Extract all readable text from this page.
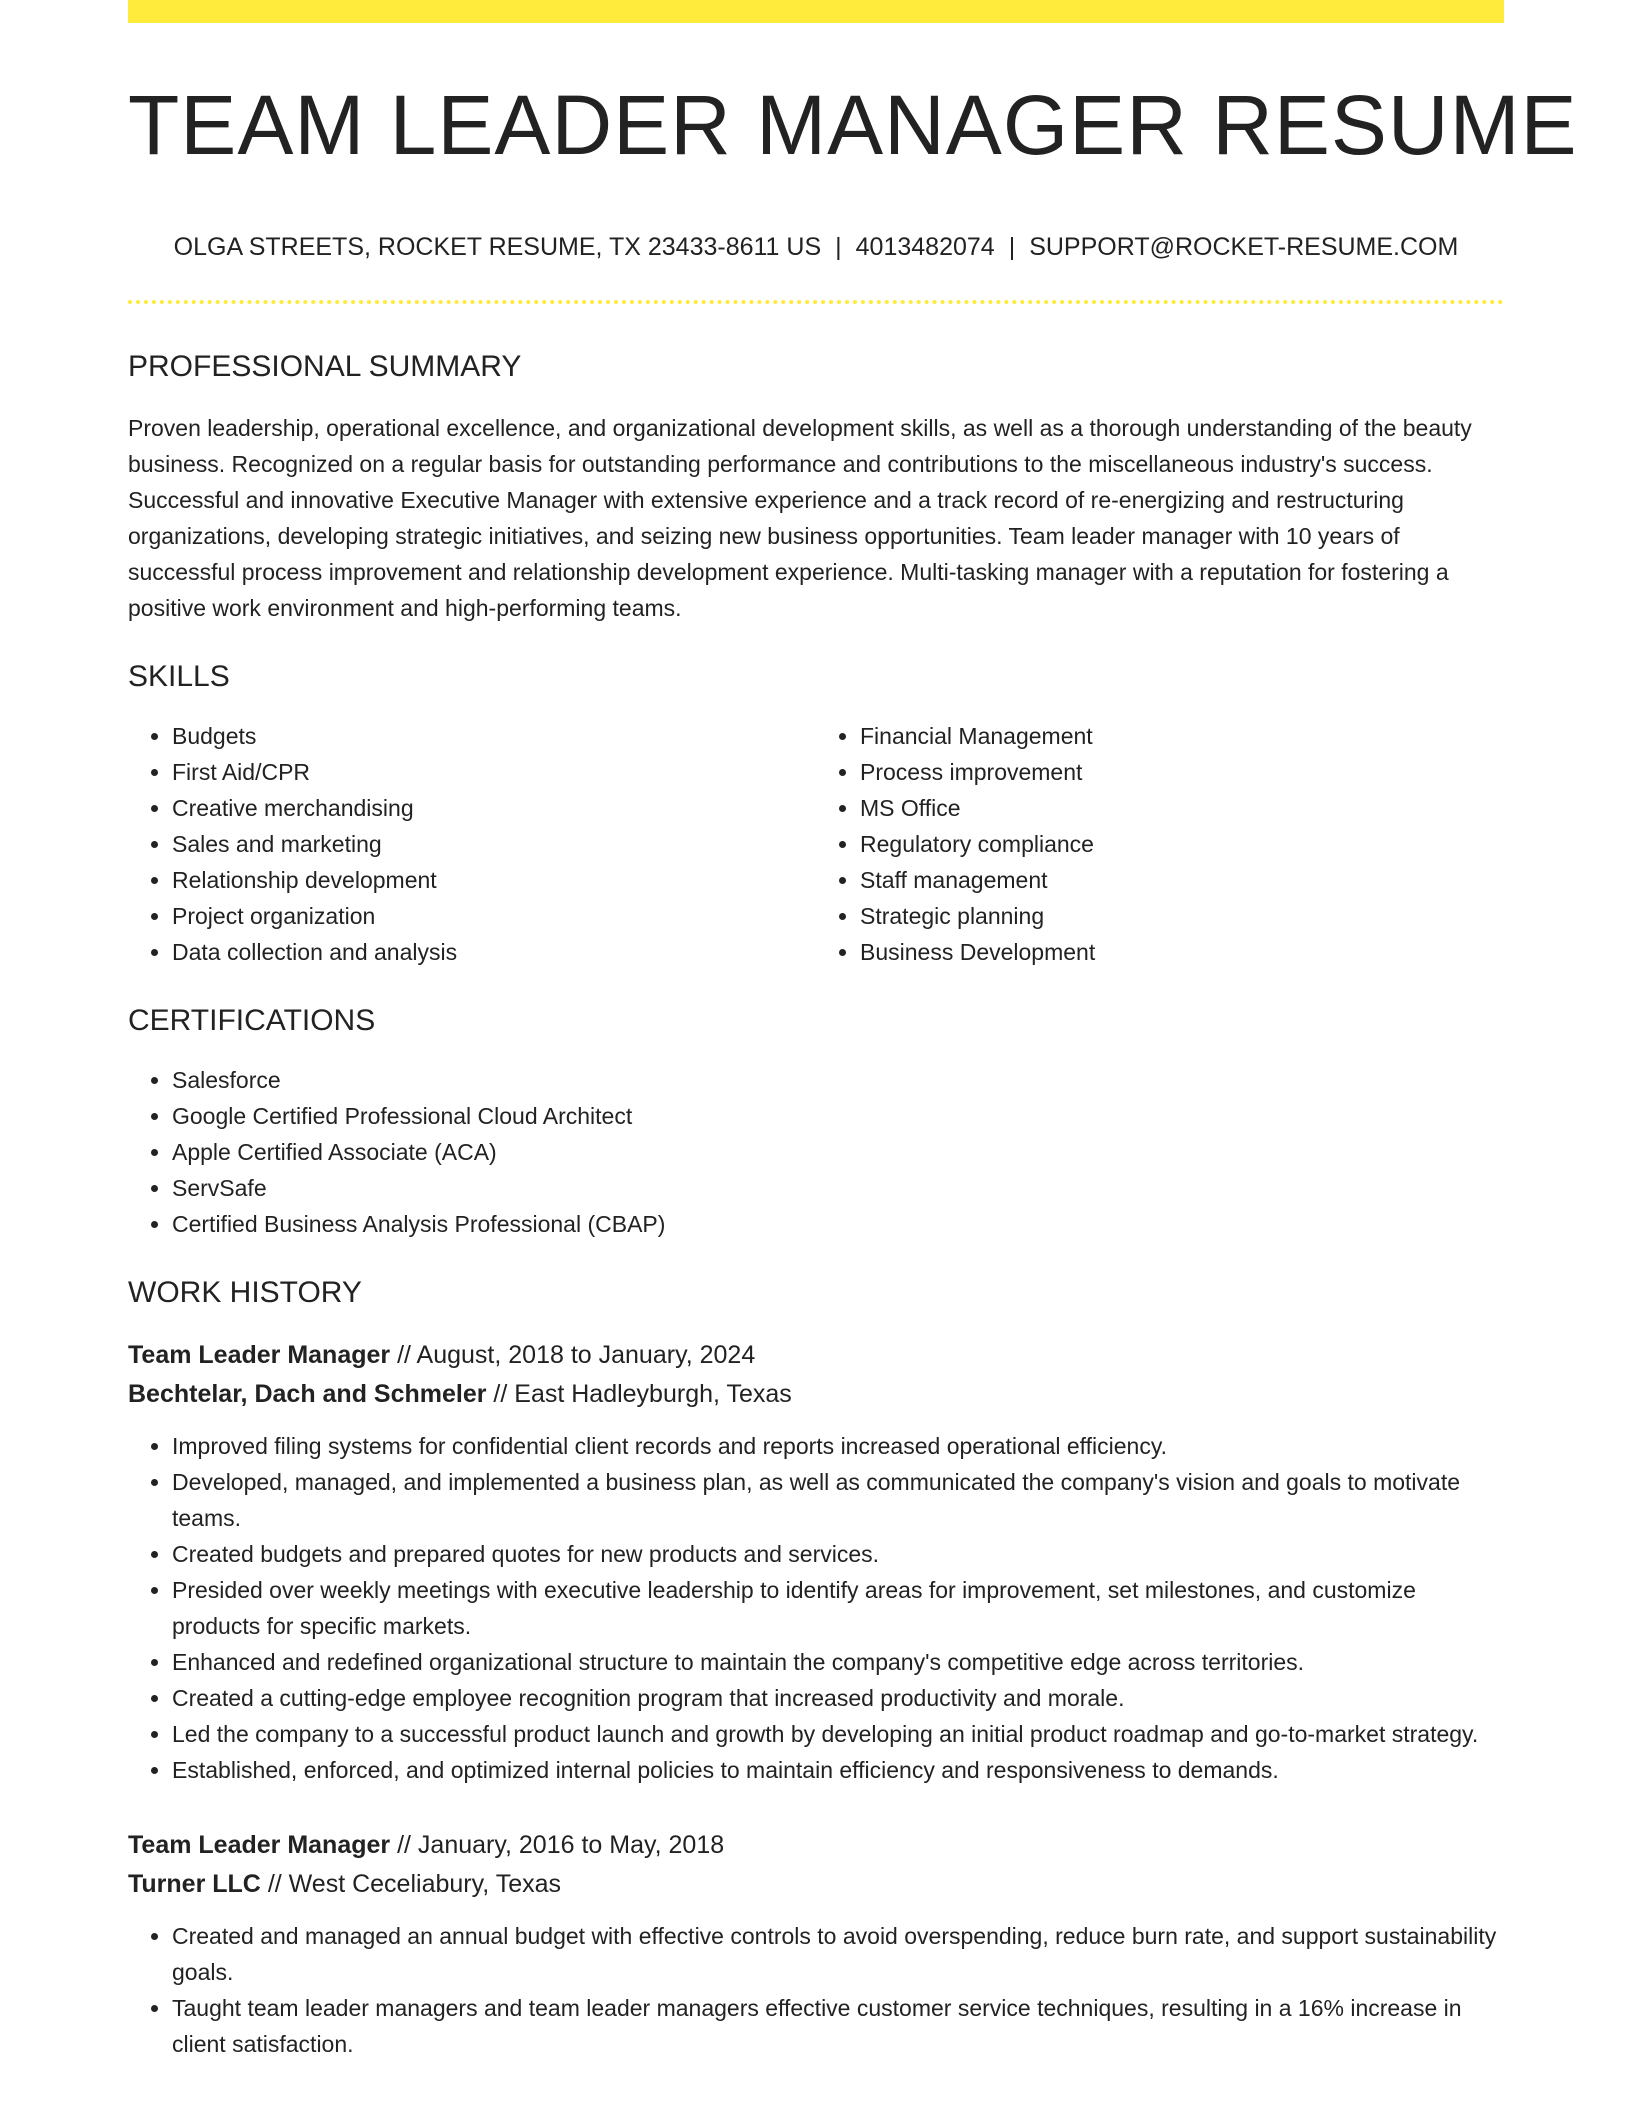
TEAM LEADER MANAGER RESUME
OLGA STREETS, ROCKET RESUME, TX 23433-8611 US | 4013482074 | SUPPORT@ROCKET-RESUME.COM
PROFESSIONAL SUMMARY

Proven leadership, operational excellence, and organizational development skills, as well as a thorough understanding of the beauty business. Recognized on a regular basis for outstanding performance and contributions to the miscellaneous industry's success. Successful and innovative Executive Manager with extensive experience and a track record of re-energizing and restructuring organizations, developing strategic initiatives, and seizing new business opportunities. Team leader manager with 10 years of successful process improvement and relationship development experience. Multi-tasking manager with a reputation for fostering a positive work environment and high-performing teams.

SKILLS
• Budgets
• First Aid/CPR
• Creative merchandising
• Sales and marketing
• Relationship development
• Project organization
• Data collection and analysis
• Financial Management
• Process improvement
• MS Office
• Regulatory compliance
• Staff management
• Strategic planning
• Business Development
CERTIFICATIONS
• Salesforce
• Google Certified Professional Cloud Architect
• Apple Certified Associate (ACA)
• ServSafe
• Certified Business Analysis Professional (CBAP)
WORK HISTORY

Team Leader Manager // August, 2018 to January, 2024

Bechtelar, Dach and Schmeler // East Hadleyburgh, Texas

• Improved filing systems for confidential client records and reports increased operational efficiency.
• Developed, managed, and implemented a business plan, as well as communicated the company's vision and goals to motivate teams.
• Created budgets and prepared quotes for new products and services.
• Presided over weekly meetings with executive leadership to identify areas for improvement, set milestones, and customize products for specific markets.
• Enhanced and redefined organizational structure to maintain the company's competitive edge across territories.
• Created a cutting-edge employee recognition program that increased productivity and morale.
• Led the company to a successful product launch and growth by developing an initial product roadmap and go-to-market strategy.
• Established, enforced, and optimized internal policies to maintain efficiency and responsiveness to demands.

Team Leader Manager // January, 2016 to May, 2018

Turner LLC // West Ceceliabury, Texas

• Created and managed an annual budget with effective controls to avoid overspending, reduce burn rate, and support sustainability goals.
• Taught team leader managers and team leader managers effective customer service techniques, resulting in a 16% increase in client satisfaction.
